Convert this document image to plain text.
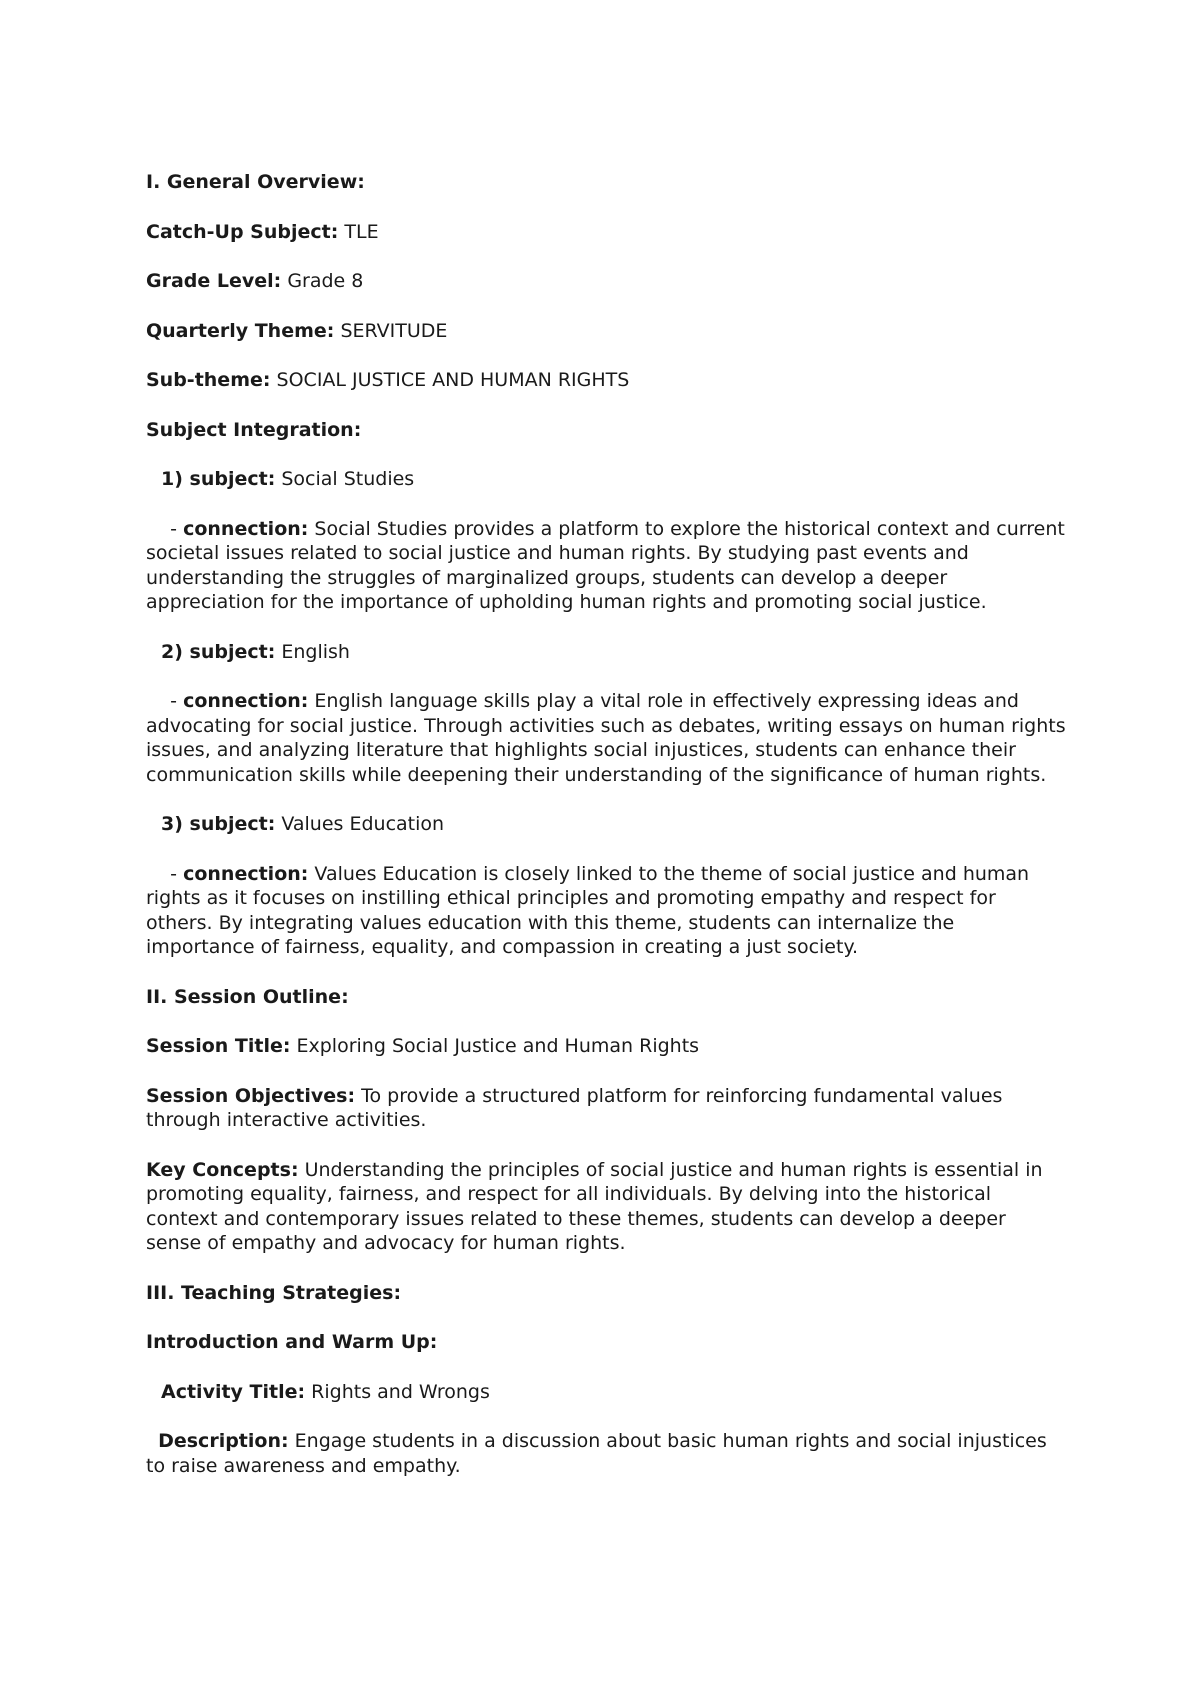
I. General Overview:

Catch-Up Subject: TLE

Grade Level: Grade 8

Quarterly Theme: SERVITUDE

Sub-theme: SOCIAL JUSTICE AND HUMAN RIGHTS

Subject Integration:

1) subject: Social Studies

- connection: Social Studies provides a platform to explore the historical context and current societal issues related to social justice and human rights. By studying past events and understanding the struggles of marginalized groups, students can develop a deeper appreciation for the importance of upholding human rights and promoting social justice.

2) subject: English

- connection: English language skills play a vital role in effectively expressing ideas and advocating for social justice. Through activities such as debates, writing essays on human rights issues, and analyzing literature that highlights social injustices, students can enhance their communication skills while deepening their understanding of the significance of human rights.

3) subject: Values Education

- connection: Values Education is closely linked to the theme of social justice and human rights as it focuses on instilling ethical principles and promoting empathy and respect for others. By integrating values education with this theme, students can internalize the importance of fairness, equality, and compassion in creating a just society.

II. Session Outline:

Session Title: Exploring Social Justice and Human Rights

Session Objectives: To provide a structured platform for reinforcing fundamental values through interactive activities.

Key Concepts: Understanding the principles of social justice and human rights is essential in promoting equality, fairness, and respect for all individuals. By delving into the historical context and contemporary issues related to these themes, students can develop a deeper sense of empathy and advocacy for human rights.

III. Teaching Strategies:

Introduction and Warm Up:

Activity Title: Rights and Wrongs

Description: Engage students in a discussion about basic human rights and social injustices to raise awareness and empathy.
